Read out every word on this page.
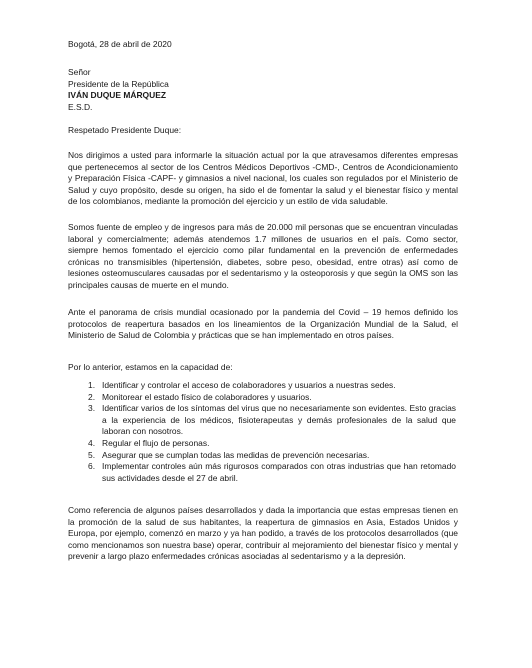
Bogotá, 28 de abril de 2020

Señor
Presidente de la República
IVÁN DUQUE MÁRQUEZ
E.S.D.

Respetado Presidente Duque:

Nos dirigimos a usted para informarle la situación actual por la que atravesamos diferentes empresas que pertenecemos al sector de los Centros Médicos Deportivos -CMD-, Centros de Acondicionamiento y Preparación Física -CAPF- y gimnasios a nivel nacional, los cuales son regulados por el Ministerio de Salud y cuyo propósito, desde su origen, ha sido el de fomentar la salud y el bienestar físico y mental de los colombianos, mediante la promoción del ejercicio y un estilo de vida saludable.

Somos fuente de empleo y de ingresos para más de 20.000 mil personas que se encuentran vinculadas laboral y comercialmente; además atendemos 1.7 millones de usuarios en el país. Como sector, siempre hemos fomentado el ejercicio como pilar fundamental en la prevención de enfermedades crónicas no transmisibles (hipertensión, diabetes, sobre peso, obesidad, entre otras) así como de lesiones osteomusculares causadas por el sedentarismo y la osteoporosis y que según la OMS son las principales causas de muerte en el mundo.

Ante el panorama de crisis mundial ocasionado por la pandemia del Covid – 19 hemos definido los protocolos de reapertura basados en los lineamientos de la Organización Mundial de la Salud, el Ministerio de Salud de Colombia y prácticas que se han implementado en otros países.

Por lo anterior, estamos en la capacidad de:

1. Identificar y controlar el acceso de colaboradores y usuarios a nuestras sedes.
2. Monitorear el estado físico de colaboradores y usuarios.
3. Identificar varios de los síntomas del virus que no necesariamente son evidentes. Esto gracias a la experiencia de los médicos, fisioterapeutas y demás profesionales de la salud que laboran con nosotros.
4. Regular el flujo de personas.
5. Asegurar que se cumplan todas las medidas de prevención necesarias.
6. Implementar controles aún más rigurosos comparados con otras industrias que han retomado sus actividades desde el 27 de abril.

Como referencia de algunos países desarrollados y dada la importancia que estas empresas tienen en la promoción de la salud de sus habitantes, la reapertura de gimnasios en Asia, Estados Unidos y Europa, por ejemplo, comenzó en marzo y ya han podido, a través de los protocolos desarrollados (que como mencionamos son nuestra base) operar, contribuir al mejoramiento del bienestar físico y mental y prevenir a largo plazo enfermedades crónicas asociadas al sedentarismo y a la depresión.
